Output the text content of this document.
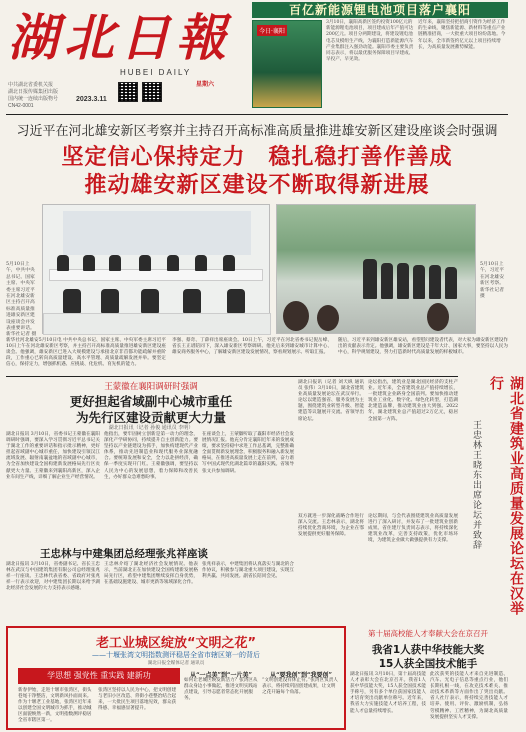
湖北日報
HUBEI DAILY
中共湖北省委机关报
湖北日报传媒集团出版
国内统一连续出版物号
CN42-0001
2023.3.11
星期六
百亿新能源锂电池项目落户襄阳
今日·襄阳
3月10日，襄阳高新区签约投资100亿元的新能源锂电池项目，项目建成后年产值可达200亿元。项目分两期建设，将建设锂电池电芯及模组生产线，为襄阳打造新能源汽车产业集群注入强劲动能。襄阳市委主要负责同志表示，将以最优服务保障项目早建成、早投产、早见效。
近年来，襄阳坚持把招商引资作为经济工作的生命线，聚焦新能源、新材料等重点产业链精准招商，一大批重大项目纷纷落地。今年以来，全市新签约亿元以上项目持续增长，为高质量发展蓄势赋能。
习近平在河北雄安新区考察并主持召开高标准高质量推进雄安新区建设座谈会时强调
坚定信心保持定力　稳扎稳打善作善成
推动雄安新区建设不断取得新进展
5月10日上午，中共中央总书记、国家主席、中央军委主席习近平在河北雄安新区主持召开高标准高质量推进雄安新区建设座谈会并发表重要讲话。新华社记者 摄
5月10日上午，习近平在河北雄安新区考察。新华社记者 摄
新华社河北雄安5月10日电 中共中央总书记、国家主席、中央军委主席习近平10日上午在河北雄安新区考察，并主持召开高标准高质量推进雄安新区建设座谈会。他强调，雄安新区已进入大规模建设与承接北京非首都功能疏解并重阶段，工作重心已转向高质量建设、高水平管理、高质量疏解发展并举。要坚定信心，保持定力，增强抓机遇、应挑战、化危机、育先机的能力。
李强、蔡奇、丁薛祥出席座谈会。10日上午，习近平在河北省委书记倪岳峰、省长王正谱陪同下，深入雄安新区考察调研。他先后来到雄安城市计算中心、雄安商务服务中心，了解雄安新区建设发展情况，察看规划展示、听取汇报。
随后，习近平来到雄安新区雄安站，看望慰问建设者代表，对大家为雄安新区建设作出的贡献表示肯定。他强调，雄安新区建设是千年大计、国家大事，要坚持以人民为中心，科学规划建设，努力打造新时代高质量发展的样板城市。
王蒙徽在襄阳调研时强调
更好担起省域副中心城市重任
为先行区建设贡献更大力量
湖北日报讯（记者 孙俊 通讯员 李明）
湖北日报讯 3月10日，省委书记王蒙徽在襄阳调研时强调，要深入学习贯彻习近平总书记关于湖北工作的重要讲话和指示批示精神，更好担起省域副中心城市重任，加快建设引领汉江流域发展、辐射南襄盆地的省域副中心城市，为全省加快建设全国构建新发展格局先行区贡献更大力量。王蒙徽来到襄阳高新区，深入企业车间生产线，详细了解企业生产经营情况。
他指出，要牢固树立创新是第一动力的理念，深化产学研协同，持续提升自主创新能力。要坚持以产业链建设为抓手，加快构建现代产业体系，推动先进制造业和现代服务业深度融合。要统筹发展和安全，全力以赴拼经济，确保一季度实现开门红。王蒙徽强调，要坚持以人民为中心的发展思想，着力保障和改善民生，办好群众急难愁盼事。
在座谈会上，王蒙徽听取了襄阳市经济社会发展情况汇报。他充分肯定襄阳近年来的发展成绩，要求坚持稳中求进工作总基调，完整准确全面贯彻新发展理念，积极服务和融入新发展格局，在推进高质量发展上走在前列，奋力谱写中国式现代化湖北篇章的襄阳实践。省领导张文兵参加调研。
王忠林与中建集团总经理张兆祥座谈
湖北日报讯 3月10日，省委副书记、省长王忠林在武汉与中国建筑集团有限公司总经理张兆祥一行座谈。王忠林代表省委、省政府对张兆祥一行表示欢迎，对中建集团长期以来给予湖北经济社会发展的大力支持表示感谢。
王忠林介绍了湖北经济社会发展情况。他表示，当前湖北正在加快建设全国构建新发展格局先行区，希望中建集团继续发挥自身优势，在基础设施建设、城市更新等领域深化合作。
张兆祥表示，中建集团将认真落实与湖北的合作协议，积极参与湖北重大项目建设，实现互利共赢、共同发展。副省长陪同会见。
双方就进一步深化战略合作进行深入交流。王忠林表示，湖北将持续优化营商环境，为企业在鄂发展提供更好服务保障。
湖北日报讯（记者 刘天纵 通讯员 张伟）3月10日，湖北省建筑业高质量发展论坛在武汉举行。论坛以建造强省、服务发展为主题，围绕建筑业转型升级、智能建造等议题展开交流。省领导出席论坛。
论坛指出，建筑业是湖北国民经济的支柱产业。近年来，全省建筑业总产值持续增长，一批建筑企业跻身全国前列。要加快推动建筑业工业化、数字化、绿色化转型，打造湖北建造品牌，推动建筑业由大到强。2022年，湖北建筑业总产值超过2万亿元，稳居全国第一方阵。
论坛期间，与会代表围绕建筑业高质量发展进行了深入研讨，并发布了一批建筑业创新成果。省住建厅负责同志表示，将持续深化建筑业改革，完善支持政策，优化市场环境，为建筑企业做大做强提供有力支撑。	湖北省建筑业高质量发展论坛在汉举行
王忠林王晓东出席论坛并致辞
老工业城区绽放“文明之花”
——十堰张湾文明指数测评稳居全省市辖区第一的背后
湖北日报全媒体记者 通讯员
学思想 强党性 重实践 建新功
新春伊始，走进十堰市张湾区，街头巷尾干净整洁，文明新风扑面而来。作为十堰老工业基地，张湾区近年来以创建全国文明城市为抓手，推动城区面貌焕然一新，文明指数测评稳居全省市辖区第一。
张湾区坚持以人民为中心，把文明创建与老旧小区改造、背街小巷整治结合起来，一大批民生项目落地见效，群众获得感、幸福感显著提升。
从“一点美”到“一片美”
如何让老城区焕发新活力？张湾区从群众身边小事做起，推进文明实践站点建设，引导志愿者常态化开展服务。
从“要我创”到“我要创”
“文明创建没有休止符。”张湾区负责人表示，将持续巩固创建成果，让文明之花开遍每个角落。
第十届高校能人才奉献大会在京召开
我省1人获中华技能大奖
15人获全国技术能手
湖北日报讯 3月10日，第十届高技能人才表彰大会在北京召开。我省1人获中华技能大奖，15人获全国技术能手称号，另有多个单位获国家技能人才培育突出贡献单位称号。近年来，我省大力实施技能人才培养工程，技能人才总量持续增长。
此次获奖的技能人才来自先进制造、汽车、光电子信息等重点行业，他们长期扎根一线，在攻克技术难关、推动技术革新等方面作出了突出贡献。省人社厅表示，将持续完善技能人才培养、使用、评价、激励机制，弘扬劳模精神、工匠精神，为湖北高质量发展提供坚实人才支撑。
